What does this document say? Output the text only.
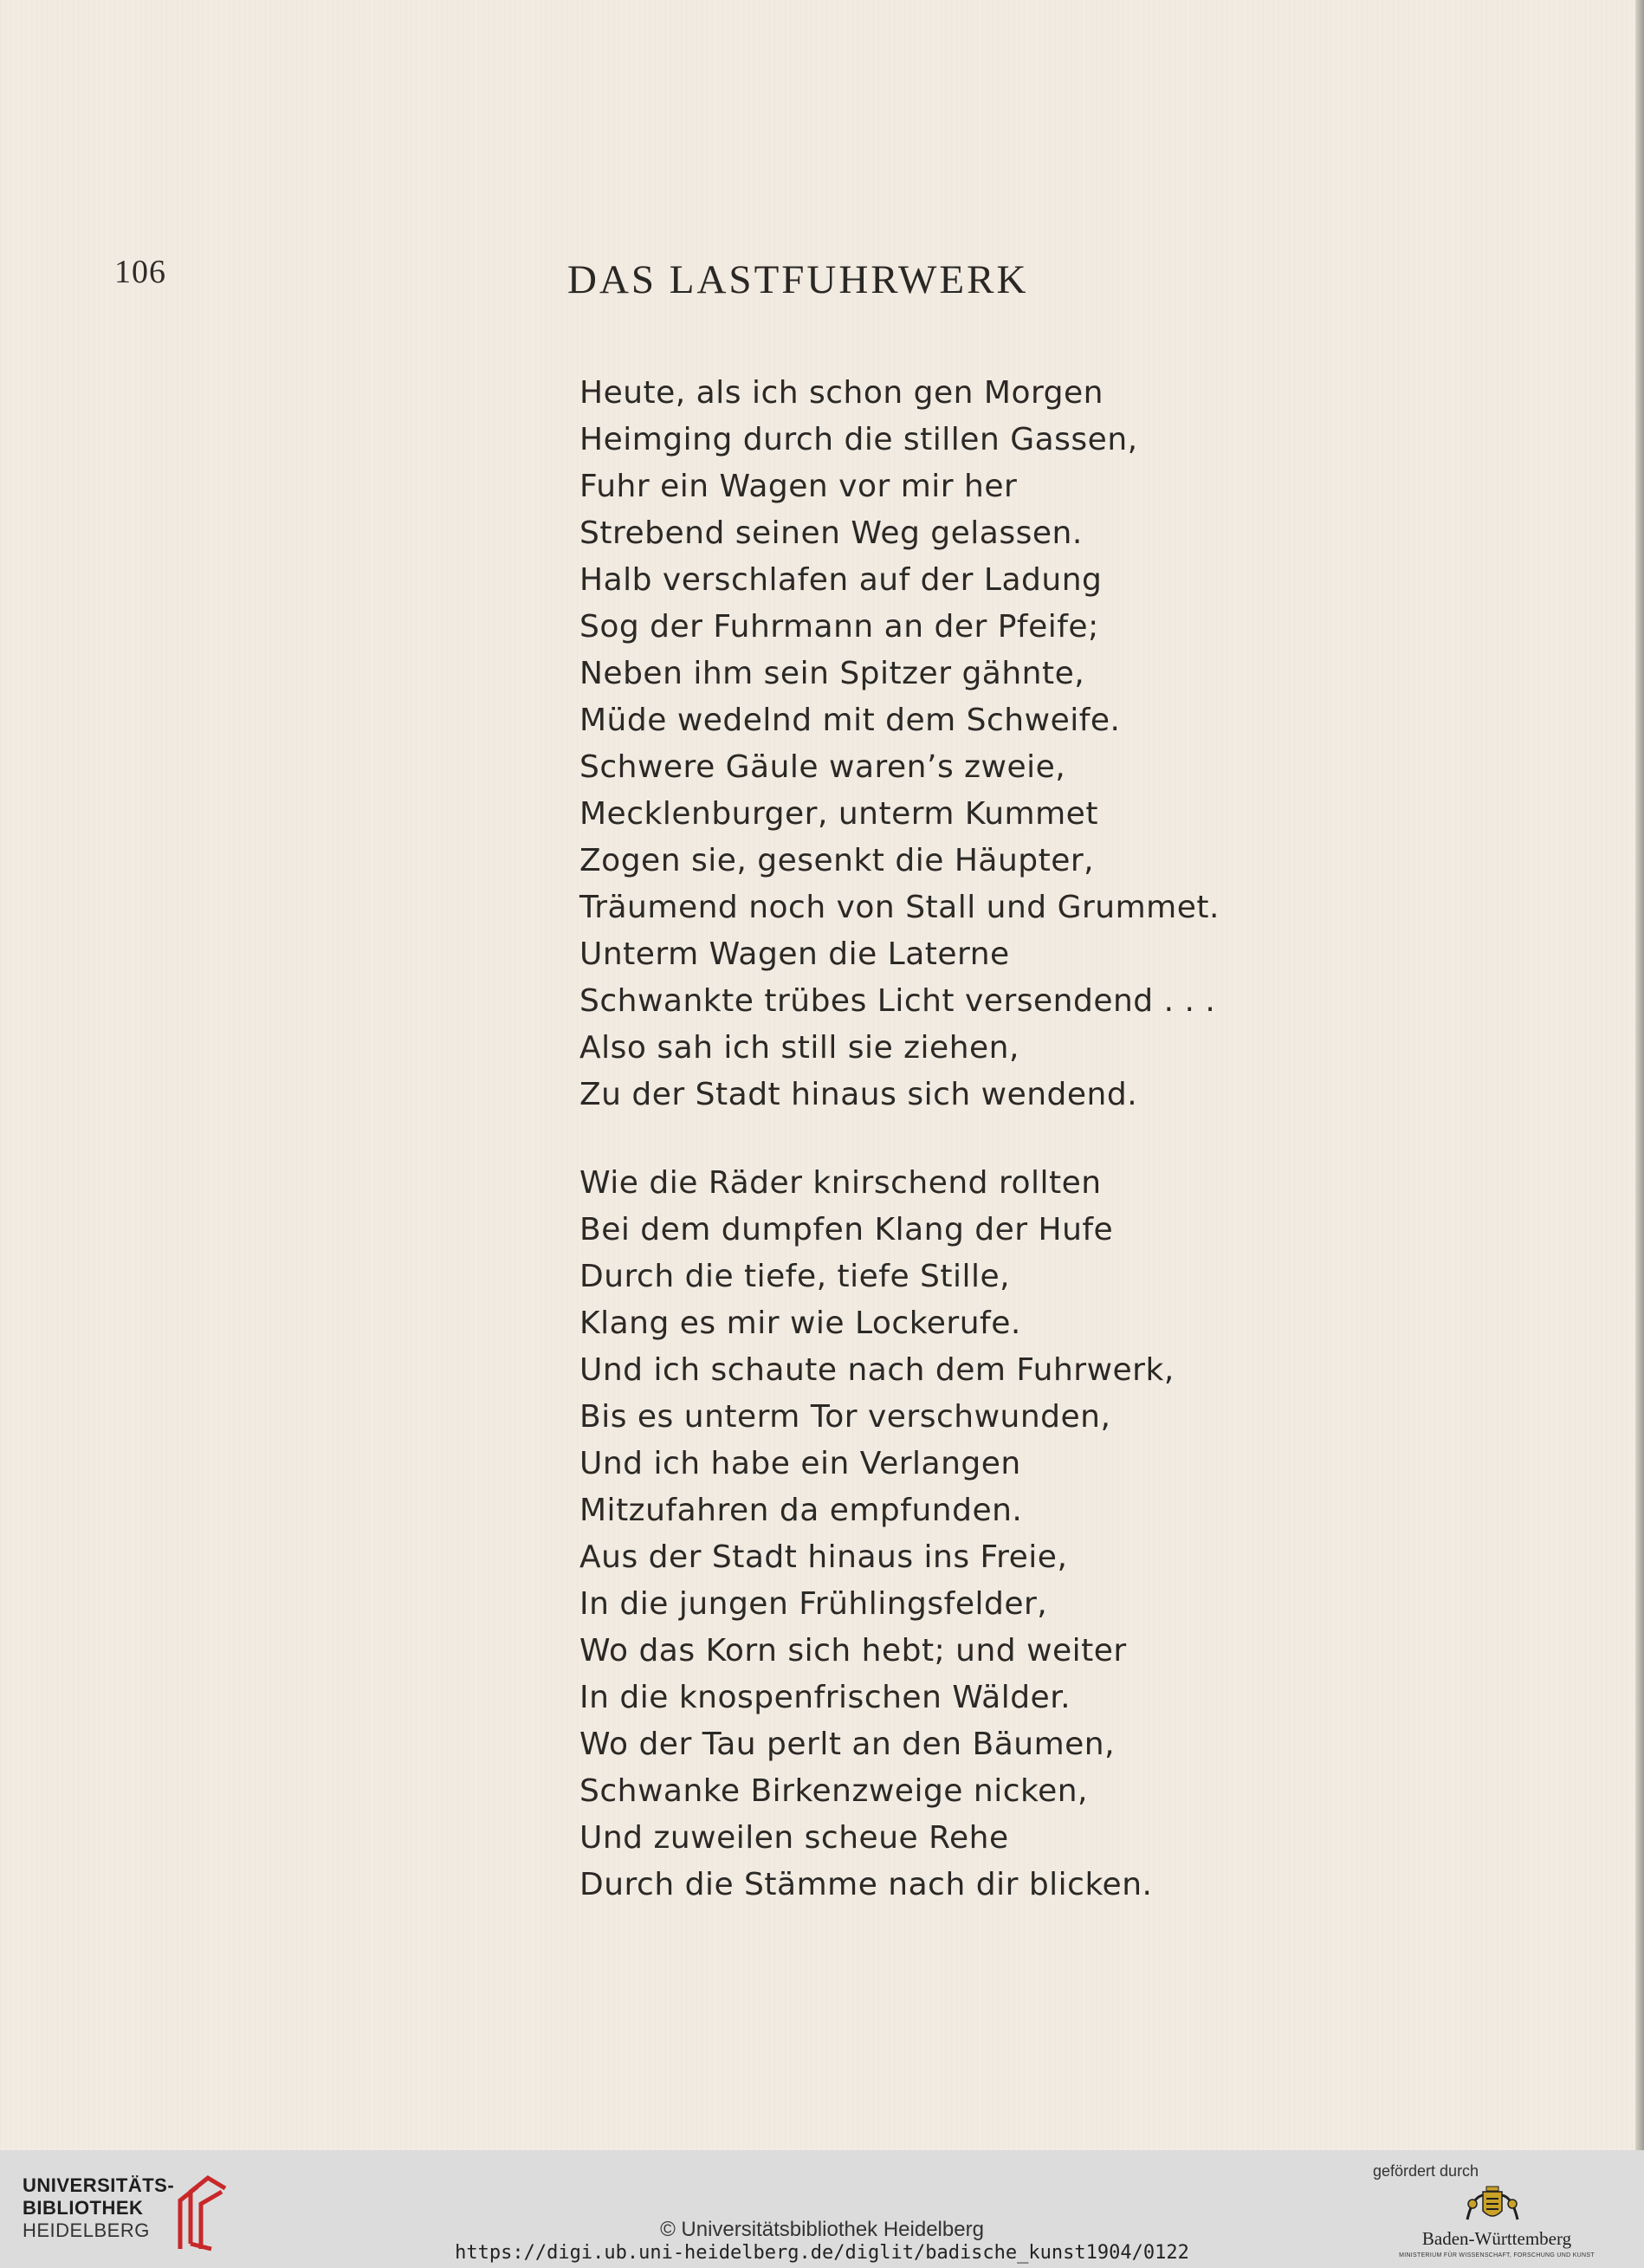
106	DAS LASTFUHRWERK
Heute, als ich schon gen Morgen
Heimging durch die stillen Gassen,
Fuhr ein Wagen vor mir her
Strebend seinen Weg gelassen.
Halb verschlafen auf der Ladung
Sog der Fuhrmann an der Pfeife;
Neben ihm sein Spitzer gähnte,
Müde wedelnd mit dem Schweife.
Schwere Gäule waren’s zweie,
Mecklenburger, unterm Kummet
Zogen sie, gesenkt die Häupter,
Träumend noch von Stall und Grummet.
Unterm Wagen die Laterne
Schwankte trübes Licht versendend . . .
Also sah ich still sie ziehen,
Zu der Stadt hinaus sich wendend.
Wie die Räder knirschend rollten
Bei dem dumpfen Klang der Hufe
Durch die tiefe, tiefe Stille,
Klang es mir wie Lockerufe.
Und ich schaute nach dem Fuhrwerk,
Bis es unterm Tor verschwunden,
Und ich habe ein Verlangen
Mitzufahren da empfunden.
Aus der Stadt hinaus ins Freie,
In die jungen Frühlingsfelder,
Wo das Korn sich hebt; und weiter
In die knospenfrischen Wälder.
Wo der Tau perlt an den Bäumen,
Schwanke Birkenzweige nicken,
Und zuweilen scheue Rehe
Durch die Stämme nach dir blicken.
UNIVERSITÄTS-
BIBLIOTHEK
HEIDELBERG	© Universitätsbibliothek Heidelberg
https://digi.ub.uni-heidelberg.de/diglit/badische_kunst1904/0122
gefördert durch
Baden-Württemberg
MINISTERIUM FÜR WISSENSCHAFT, FORSCHUNG UND KUNST
